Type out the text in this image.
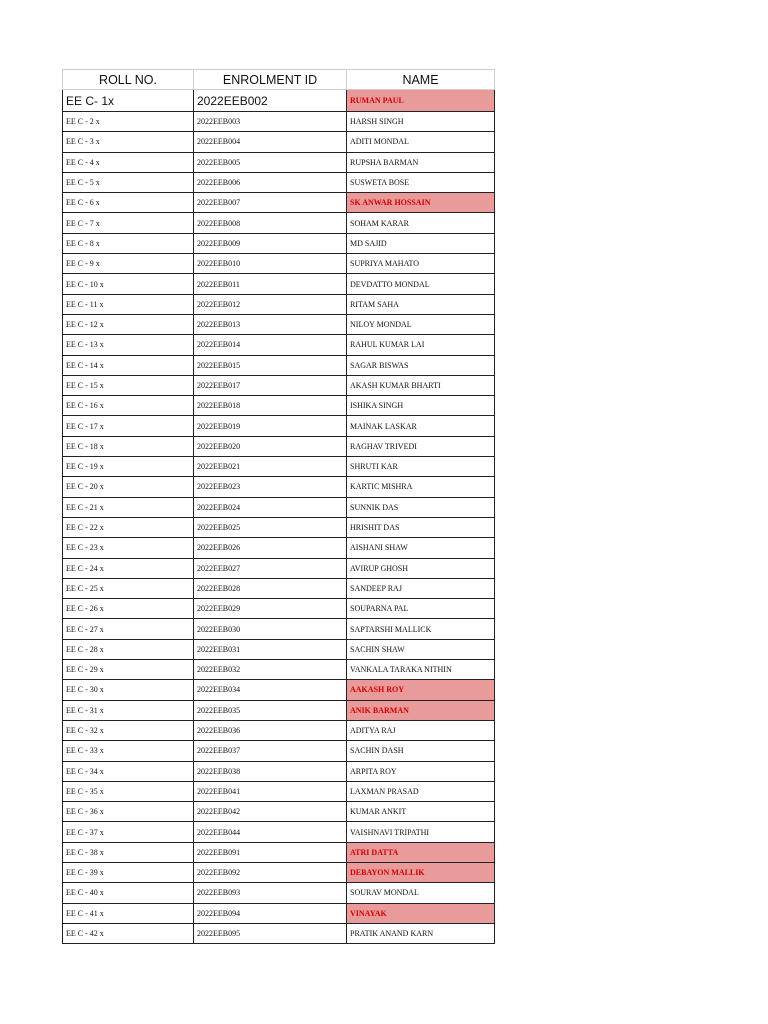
ROLL NO.	ENROLMENT ID	NAME
EE C- 1x	2022EEB002	RUMAN PAUL
EE C - 2 x	2022EEB003	HARSH SINGH
EE C - 3 x	2022EEB004	ADITI MONDAL
EE C - 4 x	2022EEB005	RUPSHA BARMAN
EE C - 5 x	2022EEB006	SUSWETA BOSE
EE C - 6 x	2022EEB007	SK ANWAR HOSSAIN
EE C - 7 x	2022EEB008	SOHAM KARAR
EE C - 8 x	2022EEB009	MD SAJID
EE C - 9 x	2022EEB010	SUPRIYA MAHATO
EE C - 10 x	2022EEB011	DEVDATTO MONDAL
EE C - 11 x	2022EEB012	RITAM SAHA
EE C - 12 x	2022EEB013	NILOY MONDAL
EE C - 13 x	2022EEB014	RAHUL KUMAR LAI
EE C - 14 x	2022EEB015	SAGAR BISWAS
EE C - 15 x	2022EEB017	AKASH KUMAR BHARTI
EE C - 16 x	2022EEB018	ISHIKA SINGH
EE C - 17 x	2022EEB019	MAINAK LASKAR
EE C - 18 x	2022EEB020	RAGHAV TRIVEDI
EE C - 19 x	2022EEB021	SHRUTI KAR
EE C - 20 x	2022EEB023	KARTIC MISHRA
EE C - 21 x	2022EEB024	SUNNIK DAS
EE C - 22 x	2022EEB025	HRISHIT DAS
EE C - 23 x	2022EEB026	AISHANI SHAW
EE C - 24 x	2022EEB027	AVIRUP GHOSH
EE C - 25 x	2022EEB028	SANDEEP RAJ
EE C - 26 x	2022EEB029	SOUPARNA PAL
EE C - 27 x	2022EEB030	SAPTARSHI MALLICK
EE C - 28 x	2022EEB031	SACHIN SHAW
EE C - 29 x	2022EEB032	VANKALA TARAKA NITHIN
EE C - 30 x	2022EEB034	AAKASH ROY
EE C - 31 x	2022EEB035	ANIK BARMAN
EE C - 32 x	2022EEB036	ADITYA RAJ
EE C - 33 x	2022EEB037	SACHIN DASH
EE C - 34 x	2022EEB038	ARPITA ROY
EE C - 35 x	2022EEB041	LAXMAN PRASAD
EE C - 36 x	2022EEB042	KUMAR ANKIT
EE C - 37 x	2022EEB044	VAISHNAVI TRIPATHI
EE C - 38 x	2022EEB091	ATRI DATTA
EE C - 39 x	2022EEB092	DEBAYON MALLIK
EE C - 40 x	2022EEB093	SOURAV MONDAL
EE C - 41 x	2022EEB094	VINAYAK
EE C - 42 x	2022EEB095	PRATIK ANAND KARN
